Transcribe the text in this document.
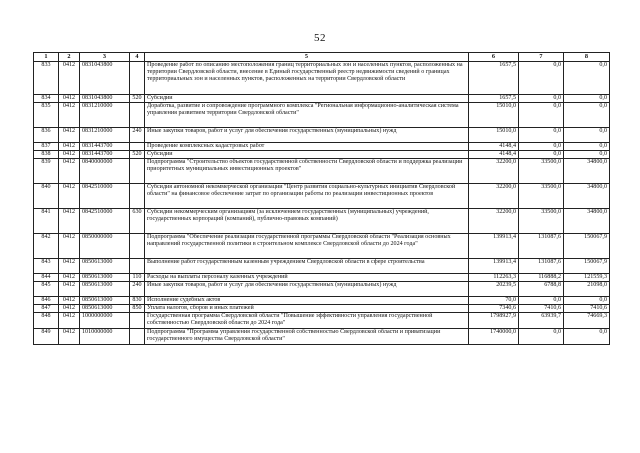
52
1	2	3	4	5	6	7	8
833	0412	0831043800		Проведение работ по описанию местоположения границ территориальных зон и населенных пунктов, расположенных на территории Свердловской области, внесение в Единый государственный реестр недвижимости сведений о границах территориальных зон и населенных пунктов, расположенных на территории Свердловской области	1657,5	0,0	0,0
834	0412	0831043800	520	Субсидии	1657,5	0,0	0,0
835	0412	0831210000		Доработка, развитие и сопровождение программного комплекса "Региональная информационно-аналитическая система управления развитием территории Свердловской области"	15010,0	0,0	0,0
836	0412	0831210000	240	Иные закупки товаров, работ и услуг для обеспечения государственных (муниципальных) нужд	15010,0	0,0	0,0
837	0412	0831443700		Проведение комплексных кадастровых работ	4148,4	0,0	0,0
838	0412	0831443700	520	Субсидии	4148,4	0,0	0,0
839	0412	0840000000		Подпрограмма "Строительство объектов государственной собственности Свердловской области и поддержка реализации приоритетных муниципальных инвестиционных проектов"	32200,0	33500,0	34800,0
840	0412	0842510000		Субсидия автономной некоммерческой организации "Центр развития социально-культурных инициатив Свердловской области" на финансовое обеспечение затрат по организации работы по реализации инвестиционных проектов	32200,0	33500,0	34800,0
841	0412	0842510000	630	Субсидии некоммерческим организациям (за исключением государственных (муниципальных) учреждений, государственных корпораций (компаний), публично-правовых компаний)	32200,0	33500,0	34800,0
842	0412	0850000000		Подпрограмма "Обеспечение реализации государственной программы Свердловской области "Реализация основных направлений государственной политики в строительном комплексе Свердловской области до 2024 года"	139913,4	131087,6	150067,9
843	0412	0850613000		Выполнение работ государственным казенным учреждением Свердловской области в сфере строительства	139913,4	131087,6	150067,9
844	0412	0850613000	110	Расходы на выплаты персоналу казенных учреждений	112263,3	116888,2	121559,3
845	0412	0850613000	240	Иные закупки товаров, работ и услуг для обеспечения государственных (муниципальных) нужд	20239,5	6788,8	21098,0
846	0412	0850613000	830	Исполнение судебных актов	70,0	0,0	0,0
847	0412	0850613000	850	Уплата налогов, сборов и иных платежей	7340,6	7410,6	7410,6
848	0412	1000000000		Государственная программа Свердловской области "Повышение эффективности управления государственной собственностью Свердловской области до 2024 года"	1798927,9	63939,7	74669,3
849	0412	1010000000		Подпрограмма "Программа управления государственной собственностью Свердловской области и приватизации государственного имущества Свердловской области"	1740000,0	0,0	0,0
